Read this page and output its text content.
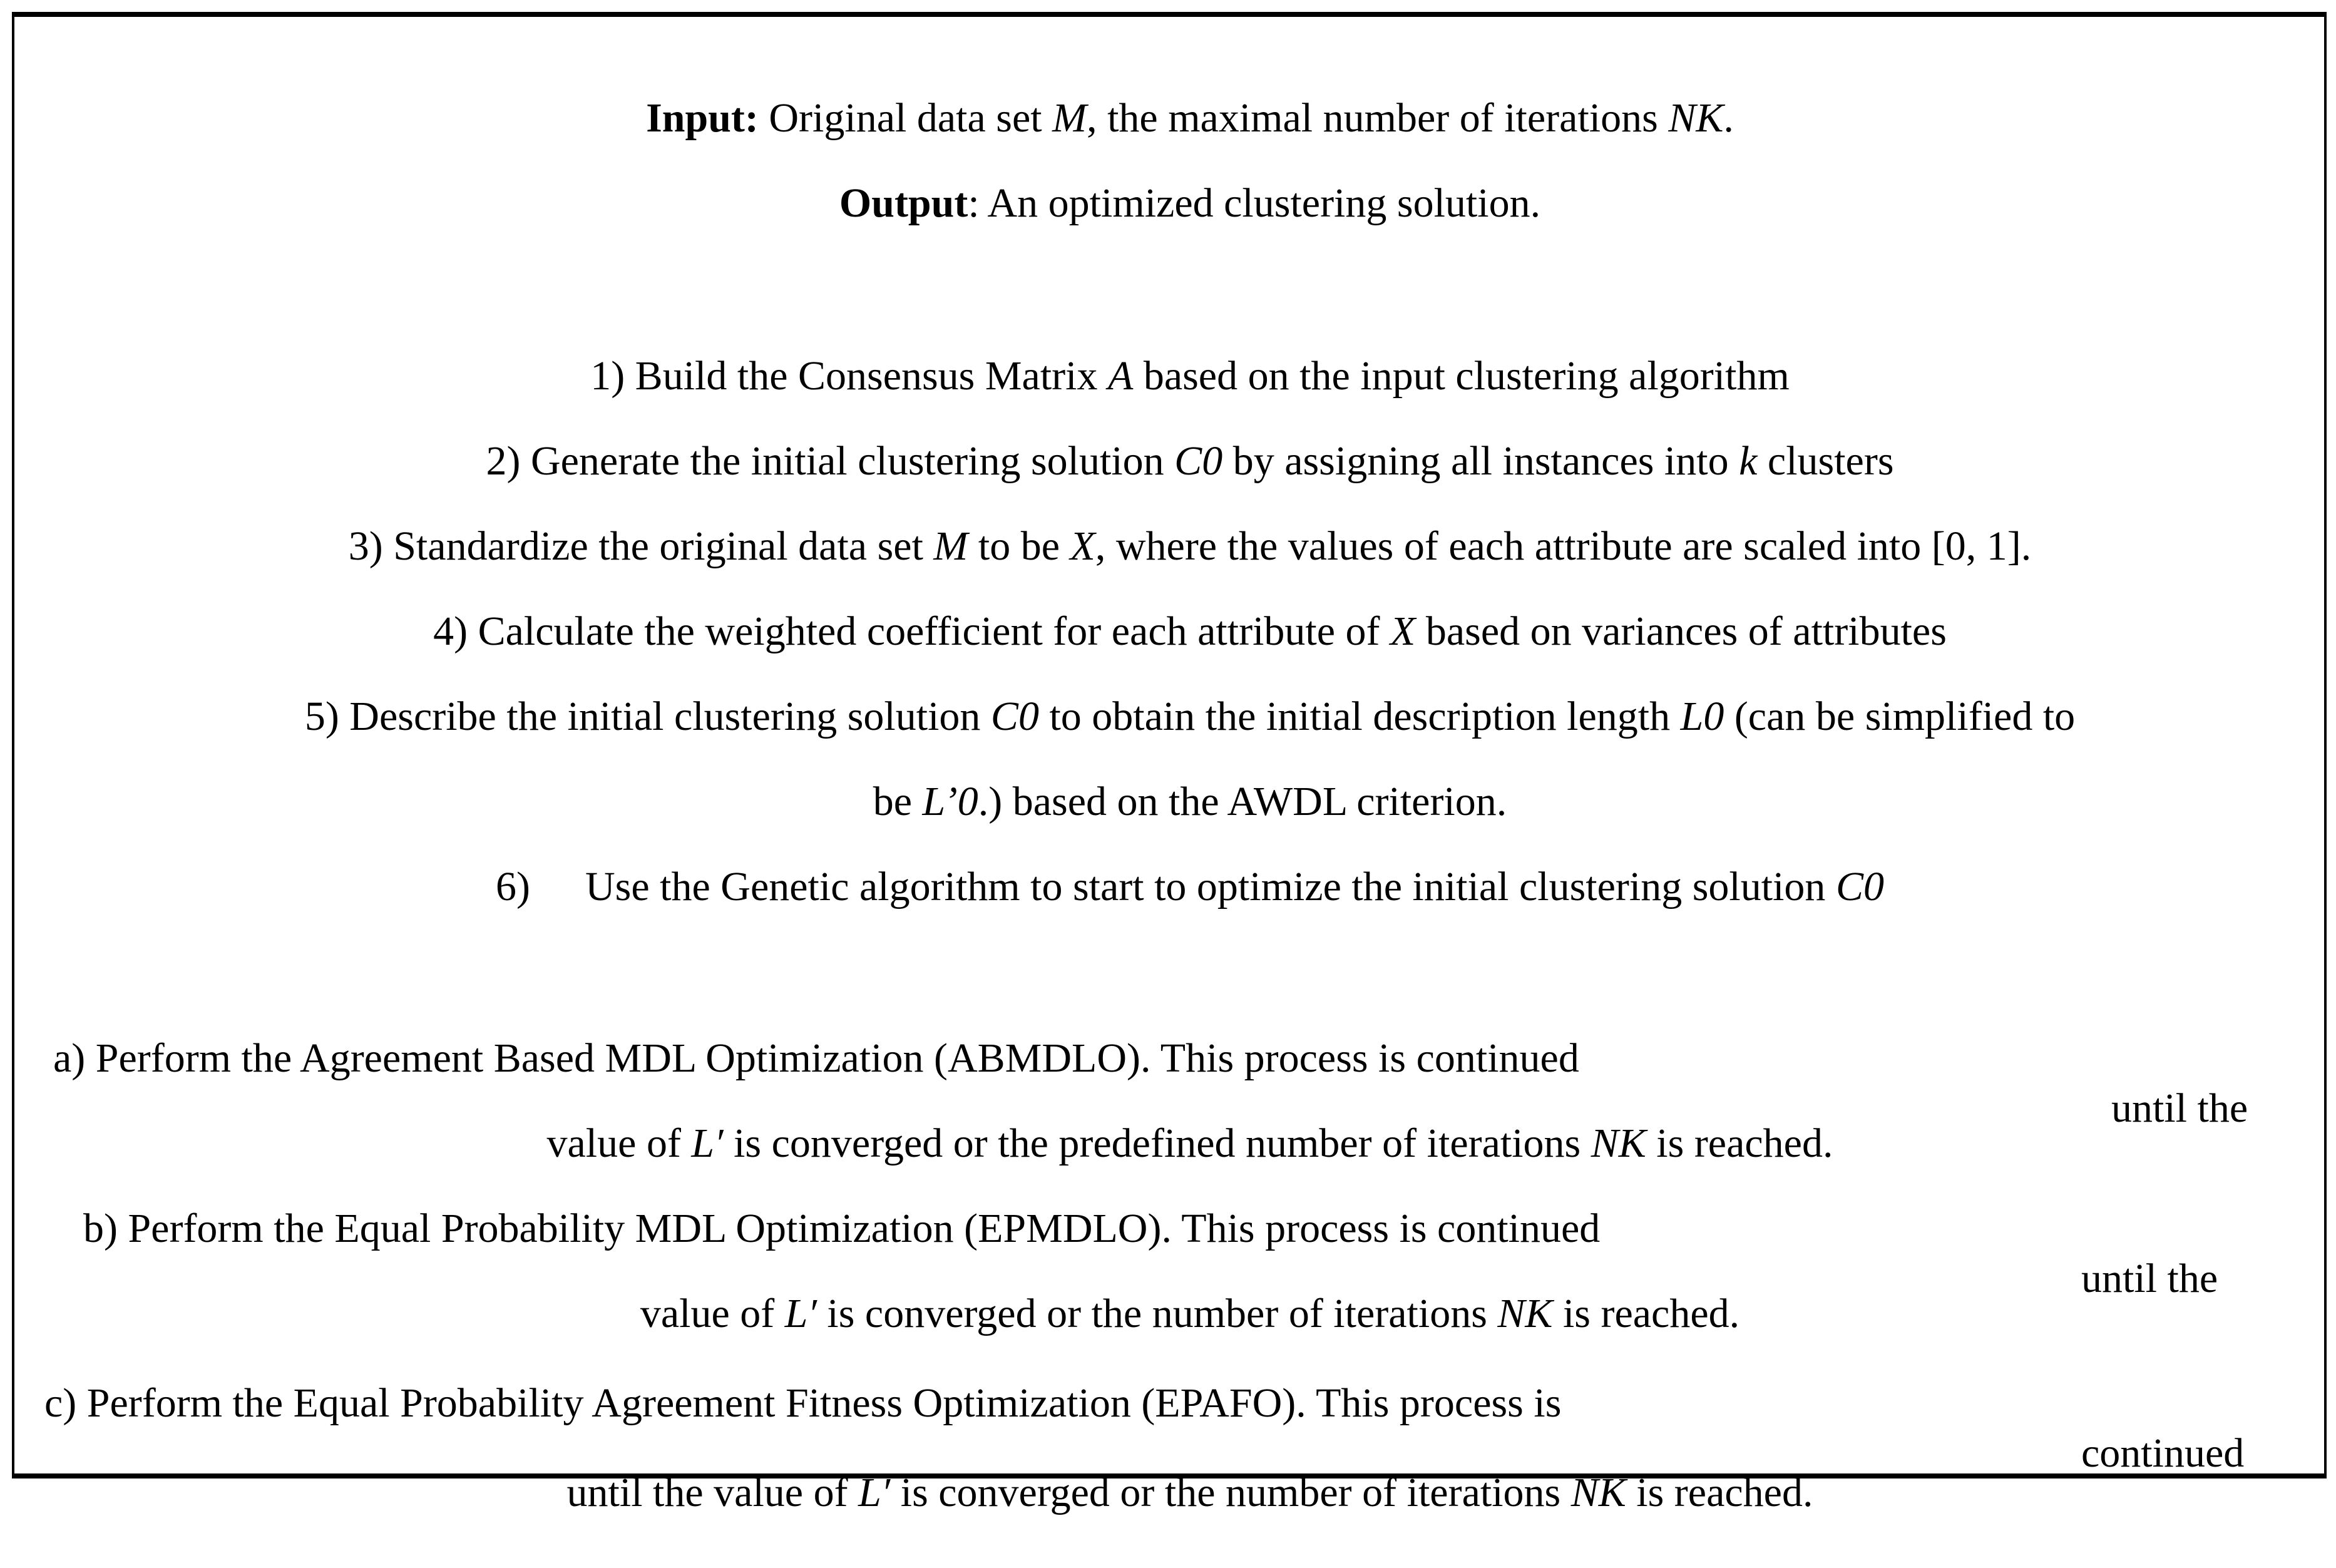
Input: Original data set M, the maximal number of iterations NK.

Output: An optimized clustering solution.

1) Build the Consensus Matrix A based on the input clustering algorithm

2) Generate the initial clustering solution C0 by assigning all instances into k clusters

3) Standardize the original data set M to be X, where the values of each attribute are scaled into [0, 1].

4) Calculate the weighted coefficient for each attribute of X based on variances of attributes

5) Describe the initial clustering solution C0 to obtain the initial description length L0 (can be simplified to

be L’0.) based on the AWDL criterion.

6) Use the Genetic algorithm to start to optimize the initial clustering solution C0

a) Perform the Agreement Based MDL Optimization (ABMDLO). This process is continued

until the

value of L′ is converged or the predefined number of iterations NK is reached.

b) Perform the Equal Probability MDL Optimization (EPMDLO). This process is continued

until the

value of L′ is converged or the number of iterations NK is reached.

c) Perform the Equal Probability Agreement Fitness Optimization (EPAFO). This process is

continued

until the value of L′ is converged or the number of iterations NK is reached.
